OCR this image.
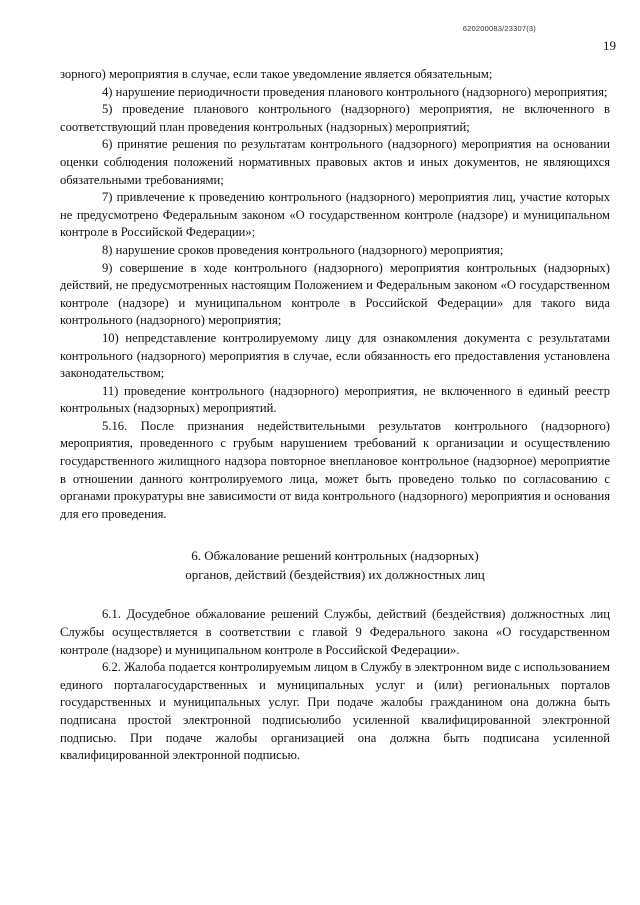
620200083/23307(3)
19

зорного) мероприятия в случае, если такое уведомление является обязательным;

4) нарушение периодичности проведения планового контрольного (надзорного) мероприятия;

5) проведение планового контрольного (надзорного) мероприятия, не включенного в соответствующий план проведения контрольных (надзорных) мероприятий;

6) принятие решения по результатам контрольного (надзорного) мероприятия на основании оценки соблюдения положений нормативных правовых актов и иных документов, не являющихся обязательными требованиями;

7) привлечение к проведению контрольного (надзорного) мероприятия лиц, участие которых не предусмотрено Федеральным законом «О государственном контроле (надзоре) и муниципальном контроле в Российской Федерации»;

8) нарушение сроков проведения контрольного (надзорного) мероприятия;

9) совершение в ходе контрольного (надзорного) мероприятия контрольных (надзорных) действий, не предусмотренных настоящим Положением и Федеральным законом «О государственном контроле (надзоре) и муниципальном контроле в Российской Федерации» для такого вида контрольного (надзорного) мероприятия;

10) непредставление контролируемому лицу для ознакомления документа с результатами контрольного (надзорного) мероприятия в случае, если обязанность его предоставления установлена законодательством;

11) проведение контрольного (надзорного) мероприятия, не включенного в единый реестр контрольных (надзорных) мероприятий.

5.16. После признания недействительными результатов контрольного (надзорного) мероприятия, проведенного с грубым нарушением требований к организации и осуществлению государственного жилищного надзора повторное внеплановое контрольное (надзорное) мероприятие в отношении данного контролируемого лица, может быть проведено только по согласованию с органами прокуратуры вне зависимости от вида контрольного (надзорного) мероприятия и основания для его проведения.

6. Обжалование решений контрольных (надзорных)
органов, действий (бездействия) их должностных лиц

6.1. Досудебное обжалование решений Службы, действий (бездействия) должностных лиц Службы осуществляется в соответствии с главой 9 Федерального закона «О государственном контроле (надзоре) и муниципальном контроле в Российской Федерации».

6.2. Жалоба подается контролируемым лицом в Службу в электронном виде с использованием единого порталагосударственных и муниципальных услуг и (или) региональных порталов государственных и муниципальных услуг. При подаче жалобы гражданином она должна быть подписана простой электронной подписьюлибо усиленной квалифицированной электронной подписью. При подаче жалобы организацией она должна быть подписана усиленной квалифицированной электронной подписью.
